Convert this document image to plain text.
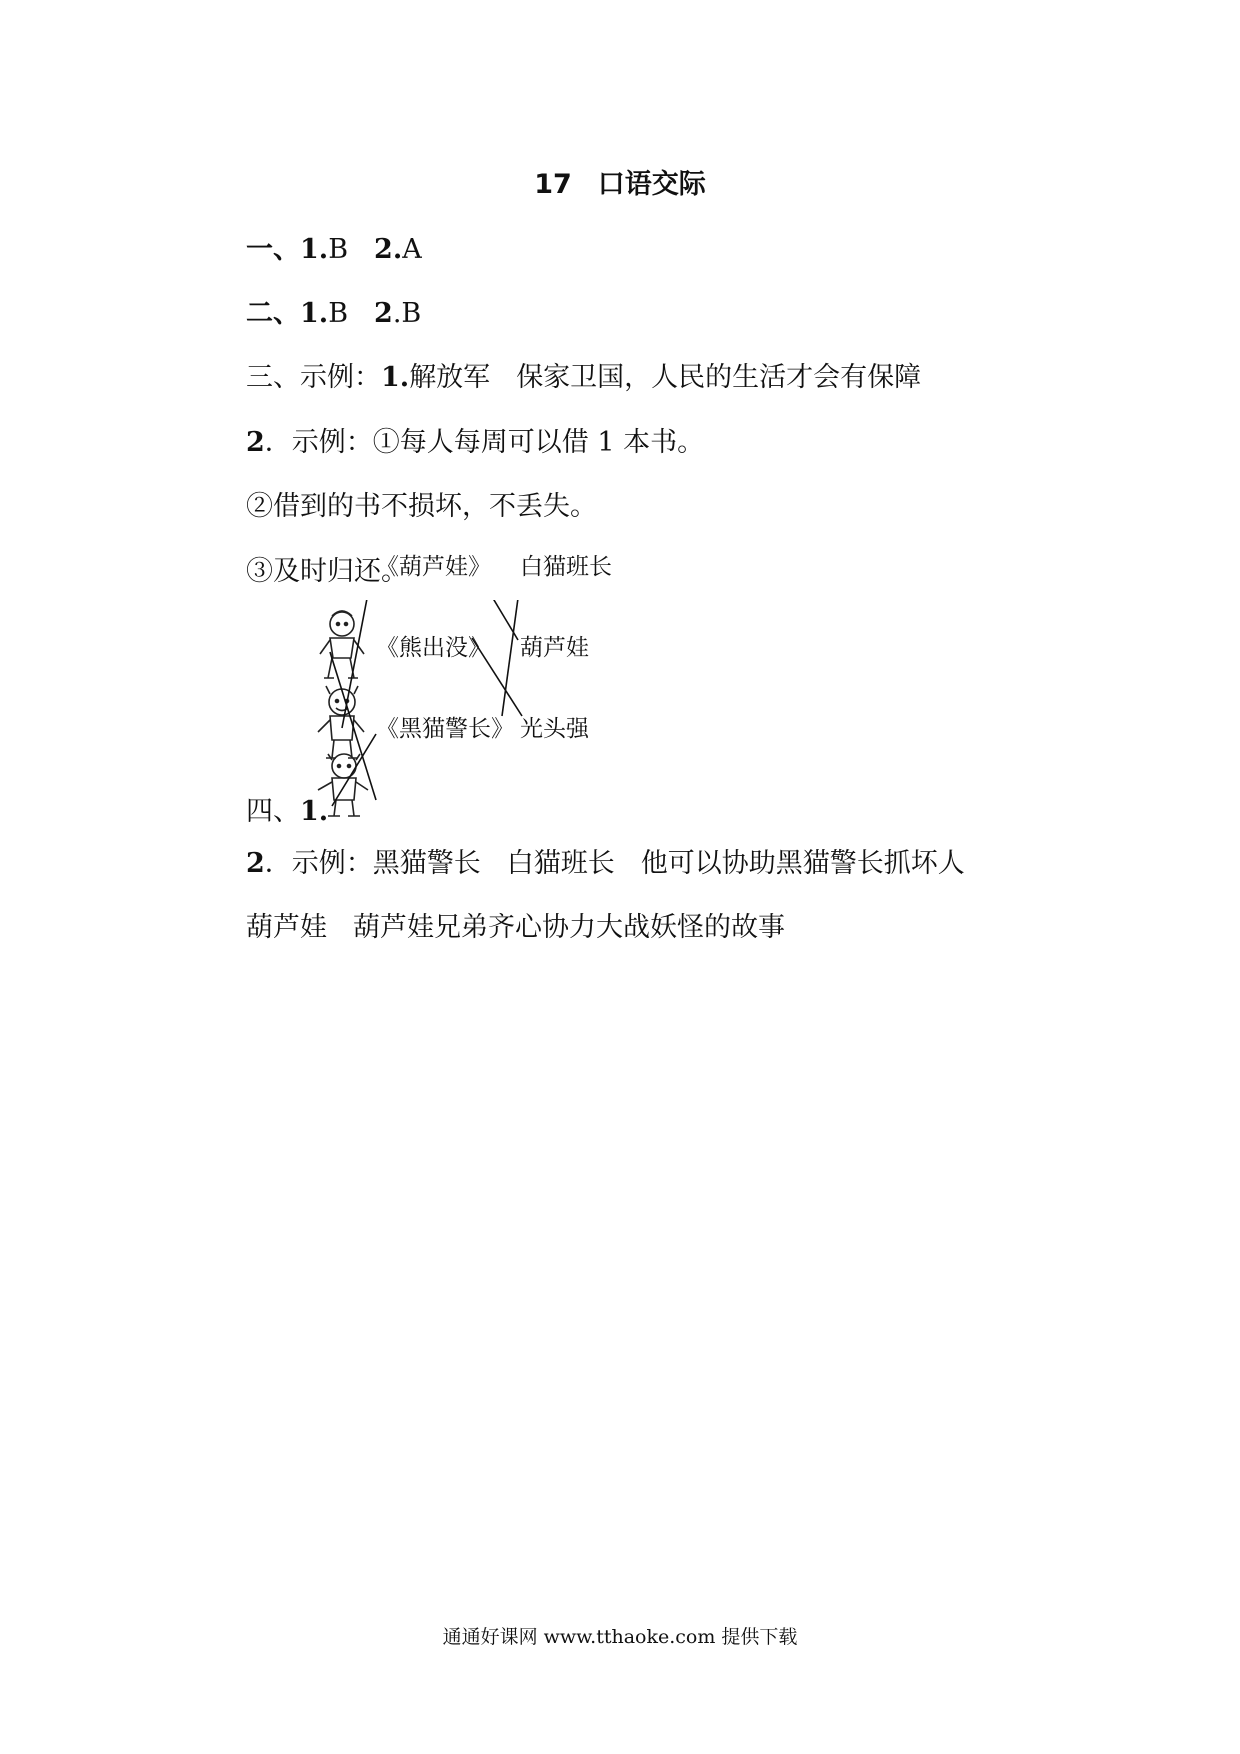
17 口语交际
一、1.B 2.A
二、1.B 2.B
三、示例：1.解放军 保家卫国，人民的生活才会有保障
2．示例：①每人每周可以借 1 本书。
②借到的书不损坏，不丢失。
③及时归还。
《葫芦娃》
《熊出没》
《黑猫警长》
白猫班长
葫芦娃
光头强
四、1.
2．示例：黑猫警长 白猫班长 他可以协助黑猫警长抓坏人
葫芦娃 葫芦娃兄弟齐心协力大战妖怪的故事
通通好课网 www.tthaoke.com 提供下载
